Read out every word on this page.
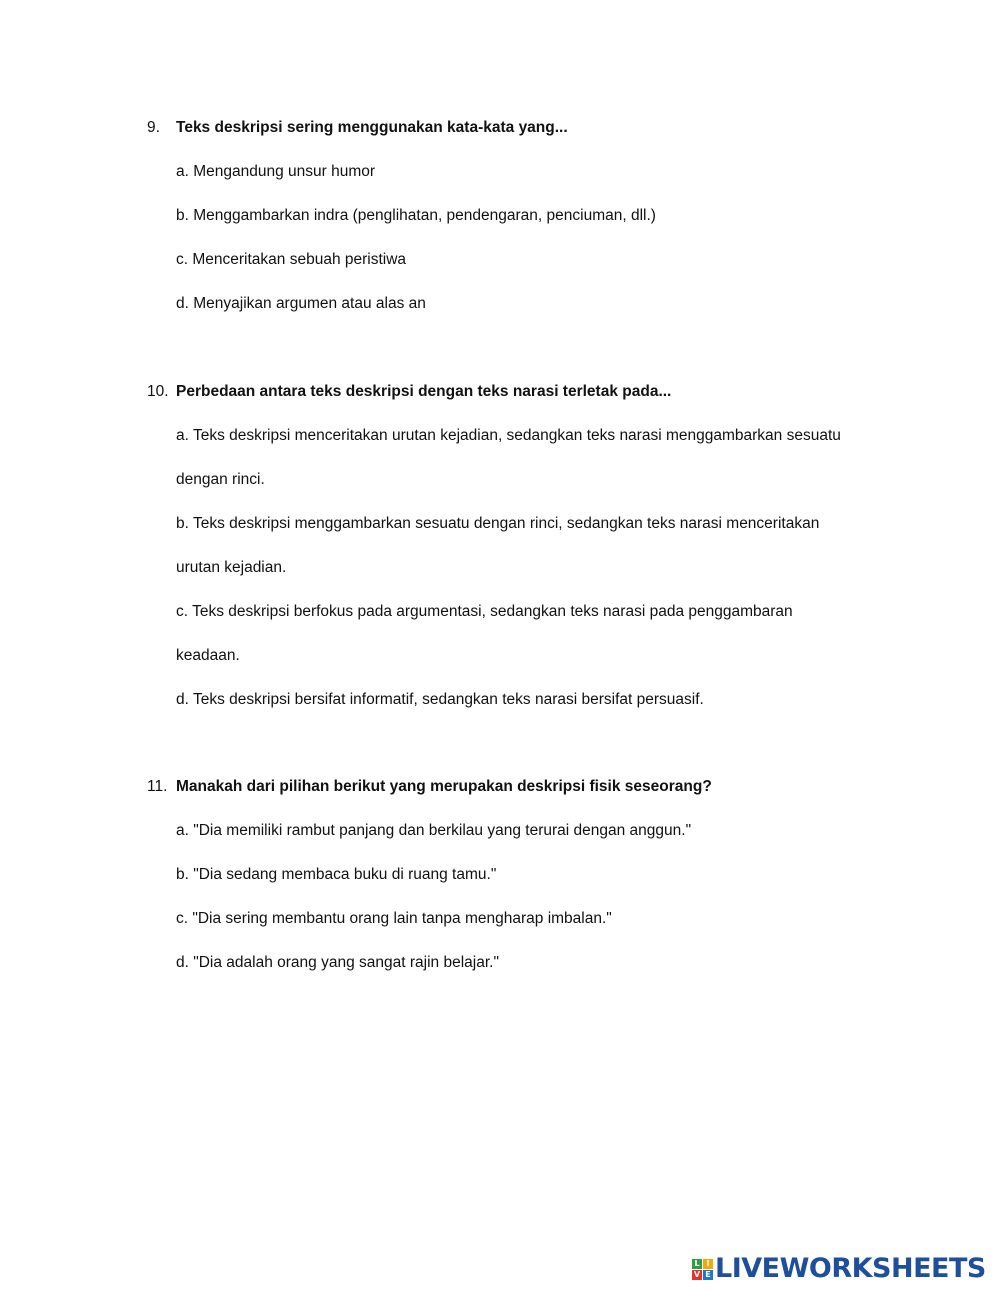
9. Teks deskripsi sering menggunakan kata-kata yang...
a. Mengandung unsur humor
b. Menggambarkan indra (penglihatan, pendengaran, penciuman, dll.)
c. Menceritakan sebuah peristiwa
d. Menyajikan argumen atau alas an
10. Perbedaan antara teks deskripsi dengan teks narasi terletak pada...
a. Teks deskripsi menceritakan urutan kejadian, sedangkan teks narasi menggambarkan sesuatu
dengan rinci.
b. Teks deskripsi menggambarkan sesuatu dengan rinci, sedangkan teks narasi menceritakan
urutan kejadian.
c. Teks deskripsi berfokus pada argumentasi, sedangkan teks narasi pada penggambaran
keadaan.
d. Teks deskripsi bersifat informatif, sedangkan teks narasi bersifat persuasif.
11. Manakah dari pilihan berikut yang merupakan deskripsi fisik seseorang?
a. "Dia memiliki rambut panjang dan berkilau yang terurai dengan anggun."
b. "Dia sedang membaca buku di ruang tamu."
c. "Dia sering membantu orang lain tanpa mengharap imbalan."
d. "Dia adalah orang yang sangat rajin belajar."
L I
V E LIVEWORKSHEETS
